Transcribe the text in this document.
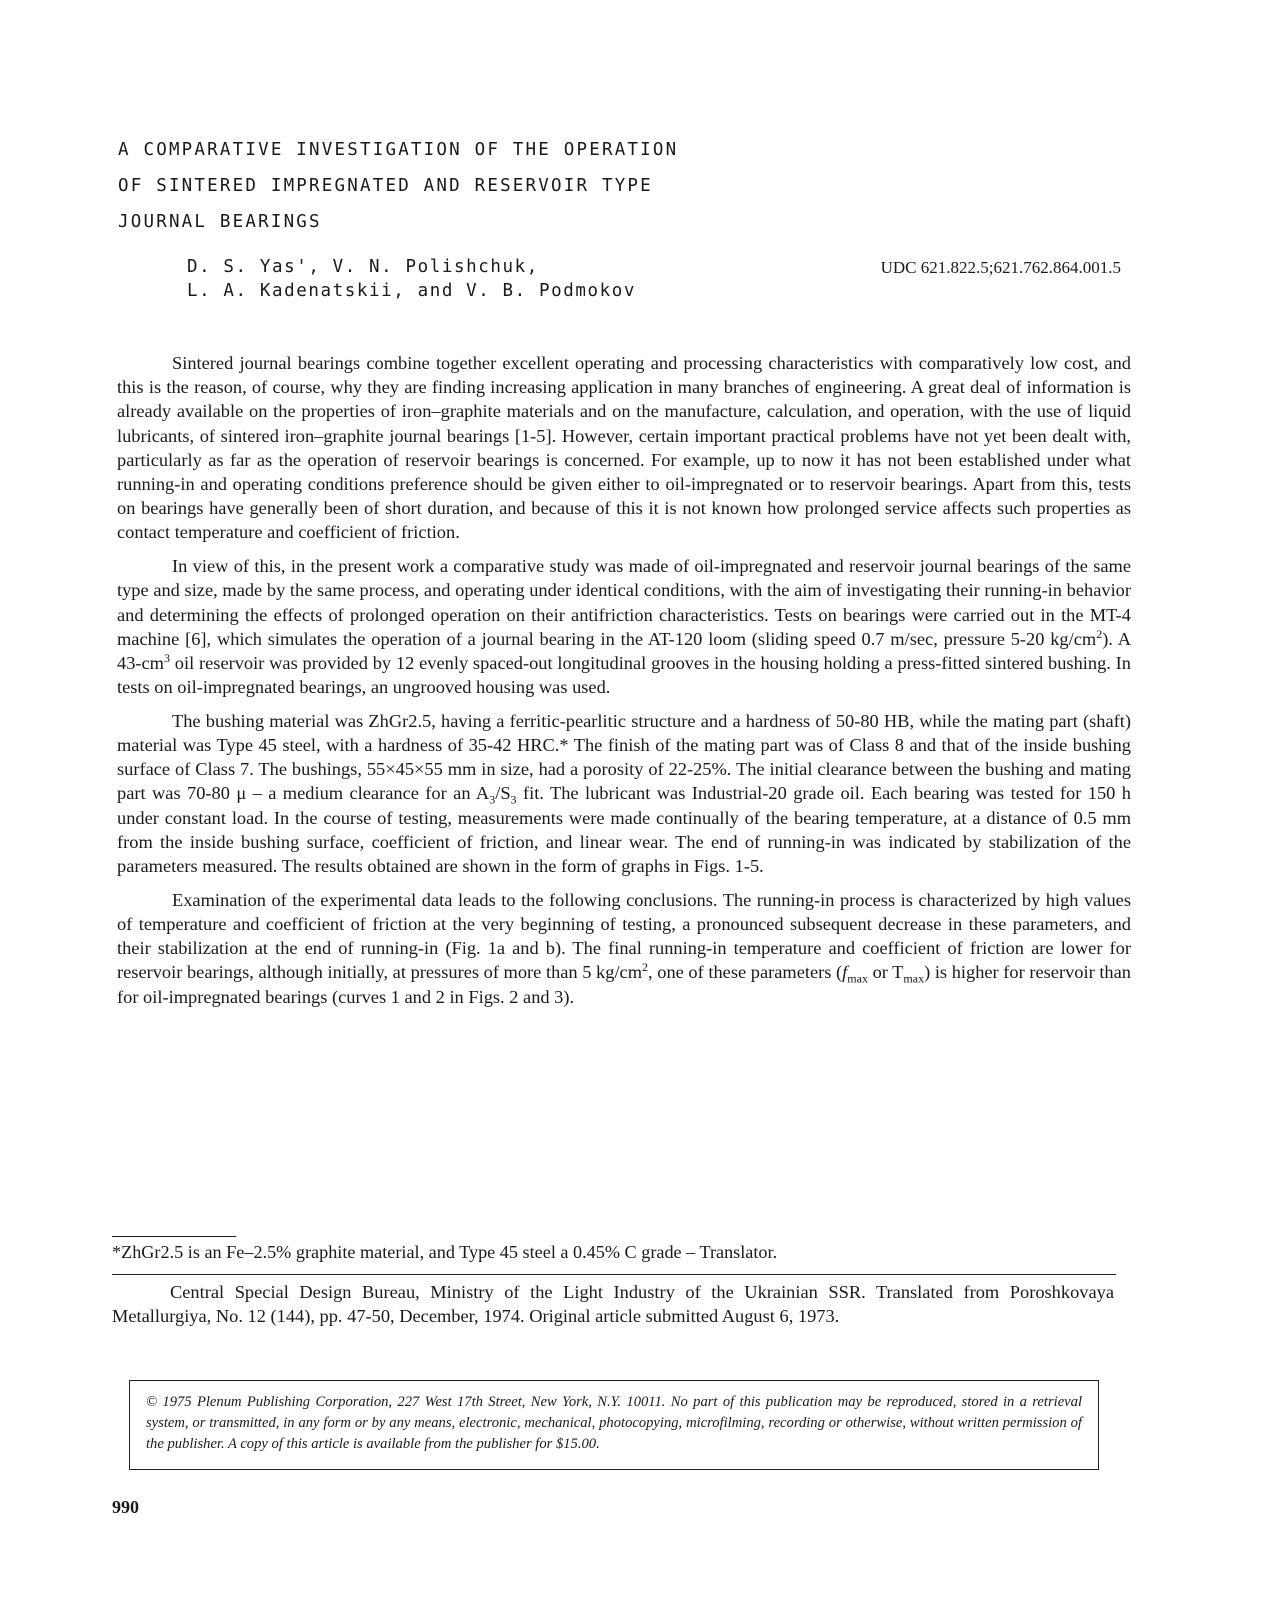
A COMPARATIVE INVESTIGATION OF THE OPERATION
OF SINTERED IMPREGNATED AND RESERVOIR TYPE
JOURNAL BEARINGS
D. S. Yas', V. N. Polishchuk,
L. A. Kadenatskii, and V. B. Podmokov
UDC 621.822.5;621.762.864.001.5

Sintered journal bearings combine together excellent operating and processing characteristics with comparatively low cost, and this is the reason, of course, why they are finding increasing application in many branches of engineering. A great deal of information is already available on the properties of iron–graphite materials and on the manufacture, calculation, and operation, with the use of liquid lubricants, of sintered iron–graphite journal bearings [1-5]. However, certain important practical problems have not yet been dealt with, particularly as far as the operation of reservoir bearings is concerned. For example, up to now it has not been established under what running-in and operating conditions preference should be given either to oil-impregnated or to reservoir bearings. Apart from this, tests on bearings have generally been of short duration, and because of this it is not known how prolonged service affects such properties as contact temperature and coefficient of friction.

In view of this, in the present work a comparative study was made of oil-impregnated and reservoir journal bearings of the same type and size, made by the same process, and operating under identical conditions, with the aim of investigating their running-in behavior and determining the effects of prolonged operation on their antifriction characteristics. Tests on bearings were carried out in the MT-4 machine [6], which simulates the operation of a journal bearing in the AT-120 loom (sliding speed 0.7 m/sec, pressure 5-20 $kg/cm^2$). A $43-cm^3$ oil reservoir was provided by 12 evenly spaced-out longitudinal grooves in the housing holding a press-fitted sintered bushing. In tests on oil-impregnated bearings, an ungrooved housing was used.

The bushing material was ZhGr2.5, having a ferritic-pearlitic structure and a hardness of 50-80 HB, while the mating part (shaft) material was Type 45 steel, with a hardness of 35-42 HRC.* The finish of the mating part was of Class 8 and that of the inside bushing surface of Class 7. The bushings, 55×45×55 mm in size, had a porosity of 22-25%. The initial clearance between the bushing and mating part was 70-80 μ – a medium clearance for an $A_3/S_3$ fit. The lubricant was Industrial-20 grade oil. Each bearing was tested for 150 h under constant load. In the course of testing, measurements were made continually of the bearing temperature, at a distance of 0.5 mm from the inside bushing surface, coefficient of friction, and linear wear. The end of running-in was indicated by stabilization of the parameters measured. The results obtained are shown in the form of graphs in Figs. 1-5.

Examination of the experimental data leads to the following conclusions. The running-in process is characterized by high values of temperature and coefficient of friction at the very beginning of testing, a pronounced subsequent decrease in these parameters, and their stabilization at the end of running-in (Fig. 1a and b). The final running-in temperature and coefficient of friction are lower for reservoir bearings, although initially, at pressures of more than 5 $kg/cm^2$, one of these parameters ($f_{max}$ or $T_{max}$) is higher for reservoir than for oil-impregnated bearings (curves 1 and 2 in Figs. 2 and 3).

*ZhGr2.5 is an Fe–2.5% graphite material, and Type 45 steel a 0.45% C grade – Translator.

Central Special Design Bureau, Ministry of the Light Industry of the Ukrainian SSR. Translated from Poroshkovaya Metallurgiya, No. 12 (144), pp. 47-50, December, 1974. Original article submitted August 6, 1973.

© 1975 Plenum Publishing Corporation, 227 West 17th Street, New York, N.Y. 10011. No part of this publication may be reproduced, stored in a retrieval system, or transmitted, in any form or by any means, electronic, mechanical, photocopying, microfilming, recording or otherwise, without written permission of the publisher. A copy of this article is available from the publisher for $15.00.
990
